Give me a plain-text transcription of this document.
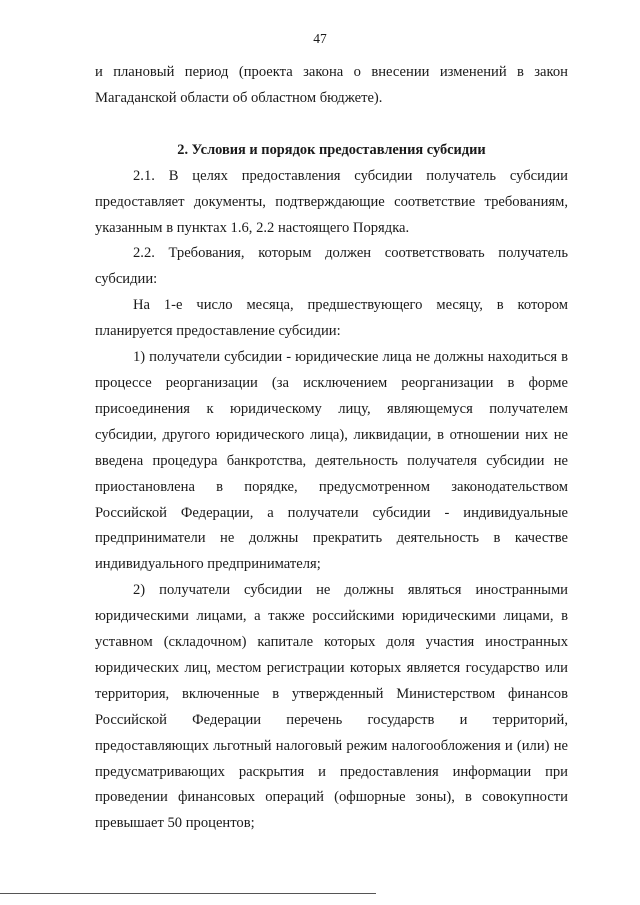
47

и плановый период (проекта закона о внесении изменений в закон Магаданской области об областном бюджете).

2. Условия и порядок предоставления субсидии

2.1. В целях предоставления субсидии получатель субсидии предоставляет документы, подтверждающие соответствие требованиям, указанным в пунктах 1.6, 2.2 настоящего Порядка.

2.2. Требования, которым должен соответствовать получатель субсидии:

На 1-е число месяца, предшествующего месяцу, в котором планируется предоставление субсидии:

1) получатели субсидии - юридические лица не должны находиться в процессе реорганизации (за исключением реорганизации в форме присоединения к юридическому лицу, являющемуся получателем субсидии, другого юридического лица), ликвидации, в отношении них не введена процедура банкротства, деятельность получателя субсидии не приостановлена в порядке, предусмотренном законодательством Российской Федерации, а получатели субсидии - индивидуальные предприниматели не должны прекратить деятельность в качестве индивидуального предпринимателя;

2) получатели субсидии не должны являться иностранными юридическими лицами, а также российскими юридическими лицами, в уставном (складочном) капитале которых доля участия иностранных юридических лиц, местом регистрации которых является государство или территория, включенные в утвержденный Министерством финансов Российской Федерации перечень государств и территорий, предоставляющих льготный налоговый режим налогообложения и (или) не предусматривающих раскрытия и предоставления информации при проведении финансовых операций (офшорные зоны), в совокупности превышает 50 процентов;
